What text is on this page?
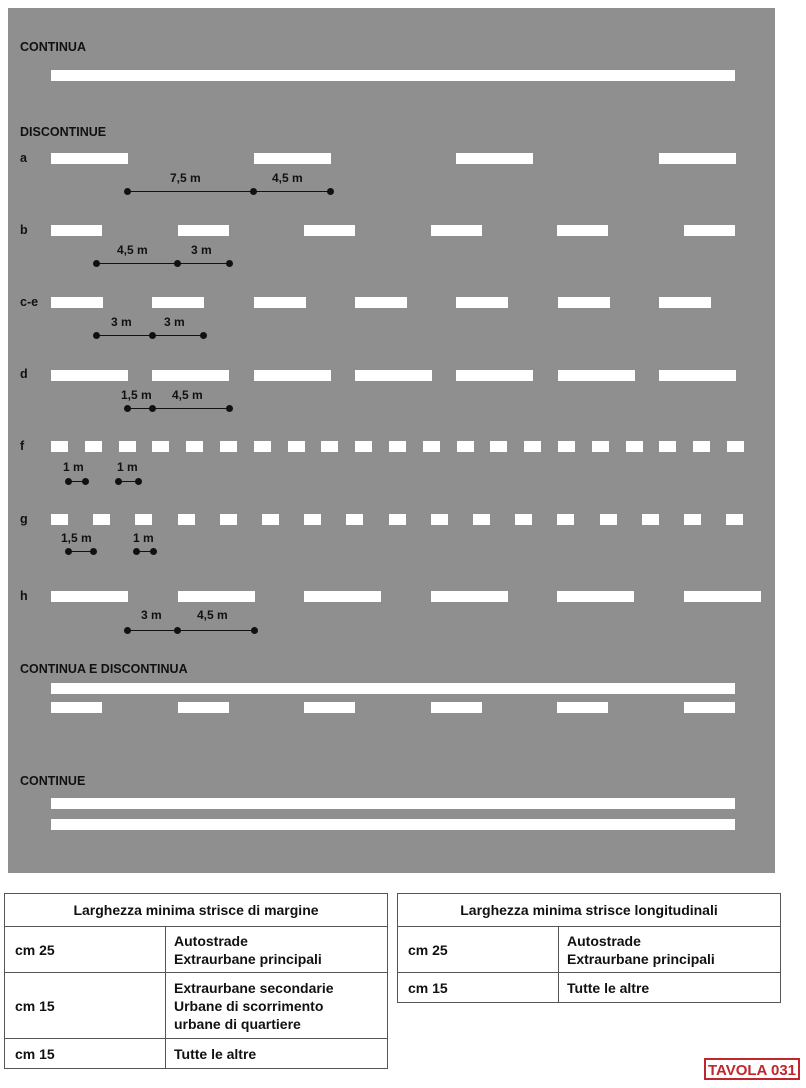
CONTINUA
DISCONTINUE
CONTINUA E DISCONTINUA
CONTINUE
a
b
c-e
d
f
g
h
7,5 m	4,5 m
4,5 m	3 m
3 m	3 m
1,5 m 4,5 m
1 m	1 m
1,5 m	1 m
3 m	4,5 m
Larghezza minima strisce di margine	
cm 25	Autostrade
Extraurbane principali

cm 15	Extraurbane secondarie
Urbane di scorrimento
urbane di quartiere

cm 15	Tutte le altre
Larghezza minima strisce longitudinali	
cm 25	Autostrade
Extraurbane principali

cm 15	Tutte le altre
TAVOLA 031
